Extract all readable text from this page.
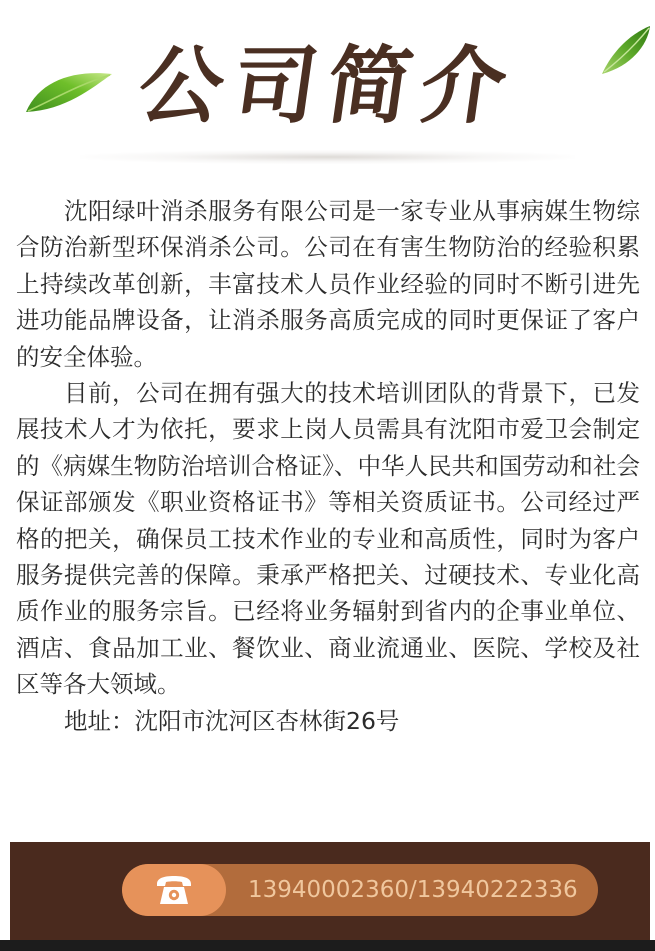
公司简介

沈阳绿叶消杀服务有限公司是一家专业从事病媒生物综合防治新型环保消杀公司。公司在有害生物防治的经验积累上持续改革创新，丰富技术人员作业经验的同时不断引进先进功能品牌设备，让消杀服务高质完成的同时更保证了客户的安全体验。

目前，公司在拥有强大的技术培训团队的背景下，已发展技术人才为依托，要求上岗人员需具有沈阳市爱卫会制定的《病媒生物防治培训合格证》、中华人民共和国劳动和社会保证部颁发《职业资格证书》等相关资质证书。公司经过严格的把关，确保员工技术作业的专业和高质性，同时为客户服务提供完善的保障。秉承严格把关、过硬技术、专业化高质作业的服务宗旨。已经将业务辐射到省内的企事业单位、酒店、食品加工业、餐饮业、商业流通业、医院、学校及社区等各大领域。

地址：沈阳市沈河区杏林街26号

13940002360/13940222336
